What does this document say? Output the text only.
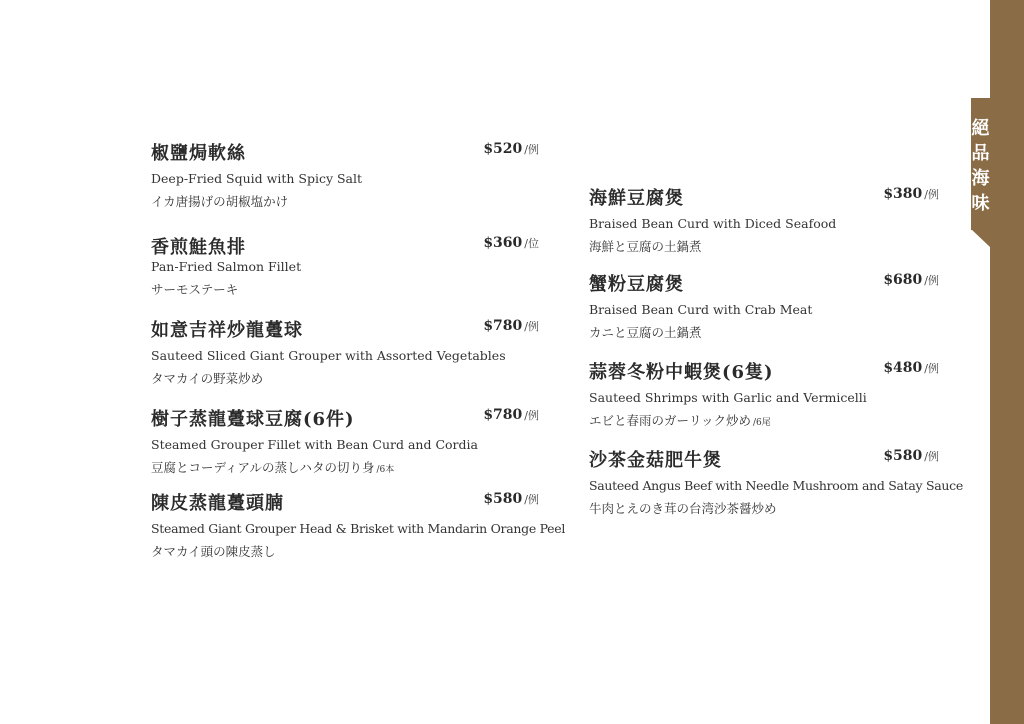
絕
品
海
味
椒鹽焗軟絲	$520 /例
Deep-Fried Squid with Spicy Salt
イカ唐揚げの胡椒塩かけ
香煎鮭魚排	$360 /位
Pan-Fried Salmon Fillet
サーモステーキ
如意吉祥炒龍躉球	$780 /例
Sauteed Sliced Giant Grouper with Assorted Vegetables
タマカイの野菜炒め
樹子蒸龍躉球豆腐(6件)	$780 /例
Steamed Grouper Fillet with Bean Curd and Cordia
豆腐とコーディアルの蒸しハタの切り身 /6本
陳皮蒸龍躉頭腩	$580 /例
Steamed Giant Grouper Head & Brisket with Mandarin Orange Peel
タマカイ頭の陳皮蒸し
海鮮豆腐煲	$380 /例
Braised Bean Curd with Diced Seafood
海鮮と豆腐の土鍋煮
蟹粉豆腐煲	$680 /例
Braised Bean Curd with Crab Meat
カニと豆腐の土鍋煮
蒜蓉冬粉中蝦煲(6隻)	$480 /例
Sauteed Shrimps with Garlic and Vermicelli
エビと春雨のガーリック炒め /6尾
沙茶金菇肥牛煲	$580 /例
Sauteed Angus Beef with Needle Mushroom and Satay Sauce
牛肉とえのき茸の台湾沙茶醤炒め
